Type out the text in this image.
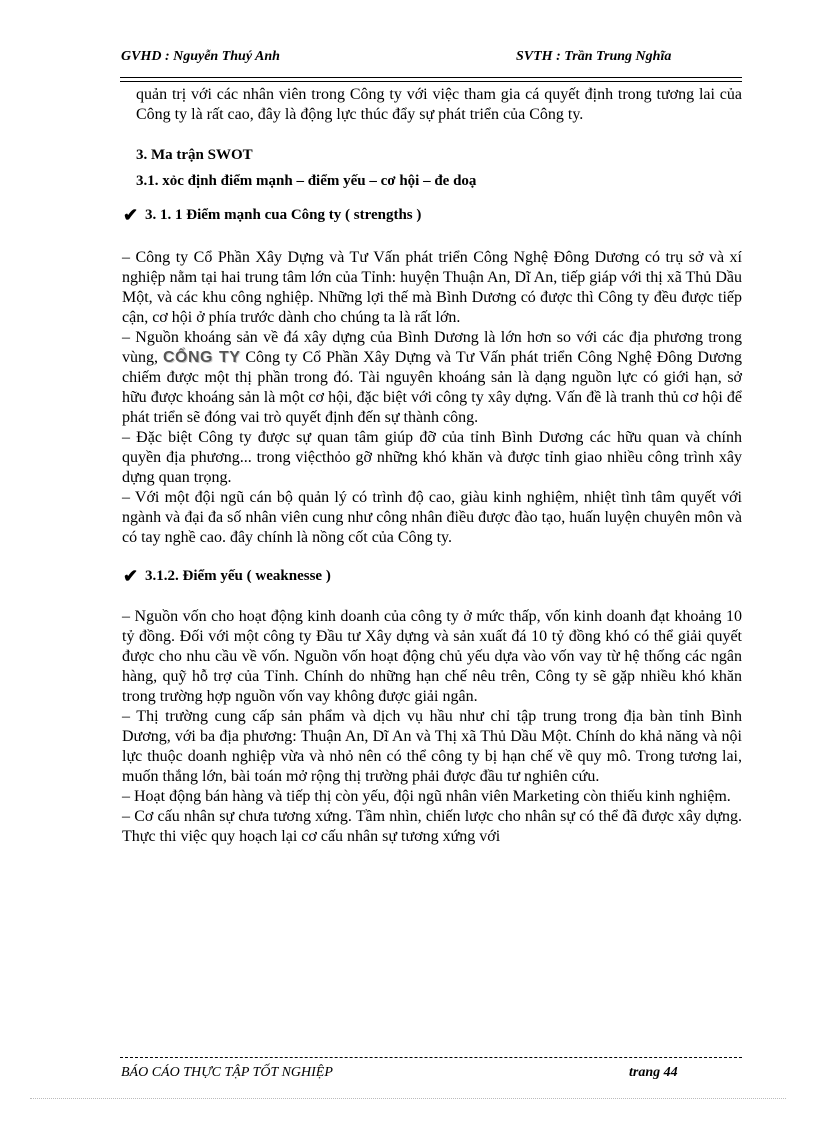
GVHD : Nguyễn Thuý Anh	SVTH : Trần Trung Nghĩa

quản trị với các nhân viên trong Công ty với việc tham gia cá quyết định trong tương lai của Công ty là rất cao, đây là động lực thúc đẩy sự phát triển của Công ty.

3. Ma trận SWOT

3.1. xỏc định điểm mạnh – điểm yếu – cơ hội – đe doạ

✔ 3. 1. 1 Điểm mạnh cua Công ty ( strengths )

– Công ty Cổ Phần Xây Dựng và Tư Vấn phát triển Công Nghệ Đông Dương có trụ sở và xí nghiệp nằm tại hai trung tâm lớn của Tỉnh: huyện Thuận An, Dĩ An, tiếp giáp với thị xã Thủ Dầu Một, và các khu công nghiệp. Những lợi thế mà Bình Dương có được thì Công ty đều được tiếp cận, cơ hội ở phía trước dành cho chúng ta là rất lớn.

– Nguồn khoáng sản về đá xây dựng của Bình Dương là lớn hơn so với các địa phương trong vùng, CỔNG TY Công ty Cổ Phần Xây Dựng và Tư Vấn phát triển Công Nghệ Đông Dương chiếm được một thị phần trong đó. Tài nguyên khoáng sản là dạng nguồn lực có giới hạn, sở hữu được khoáng sản là một cơ hội, đặc biệt với công ty xây dựng. Vấn đề là tranh thủ cơ hội để phát triển sẽ đóng vai trò quyết định đến sự thành công.

– Đặc biệt Công ty được sự quan tâm giúp đỡ của tỉnh Bình Dương các hữu quan và chính quyền địa phương... trong việcthỏo gỡ những khó khăn và được tỉnh giao nhiều công trình xây dựng quan trọng.

– Với một đội ngũ cán bộ quản lý có trình độ cao, giàu kinh nghiệm, nhiệt tình tâm quyết với ngành và đại đa số nhân viên cung như công nhân điều được đào tạo, huấn luyện chuyên môn và có tay nghề cao. đây chính là nồng cốt của Công ty.

✔ 3.1.2. Điểm yếu ( weaknesse )

– Nguồn vốn cho hoạt động kinh doanh của công ty ở mức thấp, vốn kinh doanh đạt khoảng 10 tỷ đồng. Đối với một công ty Đầu tư Xây dựng và sản xuất đá 10 tỷ đồng khó có thể giải quyết được cho nhu cầu về vốn. Nguồn vốn hoạt động chủ yếu dựa vào vốn vay từ hệ thống các ngân hàng, quỹ hỗ trợ của Tỉnh. Chính do những hạn chế nêu trên, Công ty sẽ gặp nhiều khó khăn trong trường hợp nguồn vốn vay không được giải ngân.

– Thị trường cung cấp sản phẩm và dịch vụ hầu như chỉ tập trung trong địa bàn tỉnh Bình Dương, với ba địa phương: Thuận An, Dĩ An và Thị xã Thủ Dầu Một. Chính do khả năng và nội lực thuộc doanh nghiệp vừa và nhỏ nên có thể công ty bị hạn chế về quy mô. Trong tương lai, muốn thắng lớn, bài toán mở rộng thị trường phải được đầu tư nghiên cứu.

– Hoạt động bán hàng và tiếp thị còn yếu, đội ngũ nhân viên Marketing còn thiếu kinh nghiệm.

– Cơ cấu nhân sự chưa tương xứng. Tầm nhìn, chiến lược cho nhân sự có thể đã được xây dựng. Thực thi việc quy hoạch lại cơ cấu nhân sự tương xứng với

BÁO CÁO THỰC TẬP TỐT NGHIỆP	trang 44
